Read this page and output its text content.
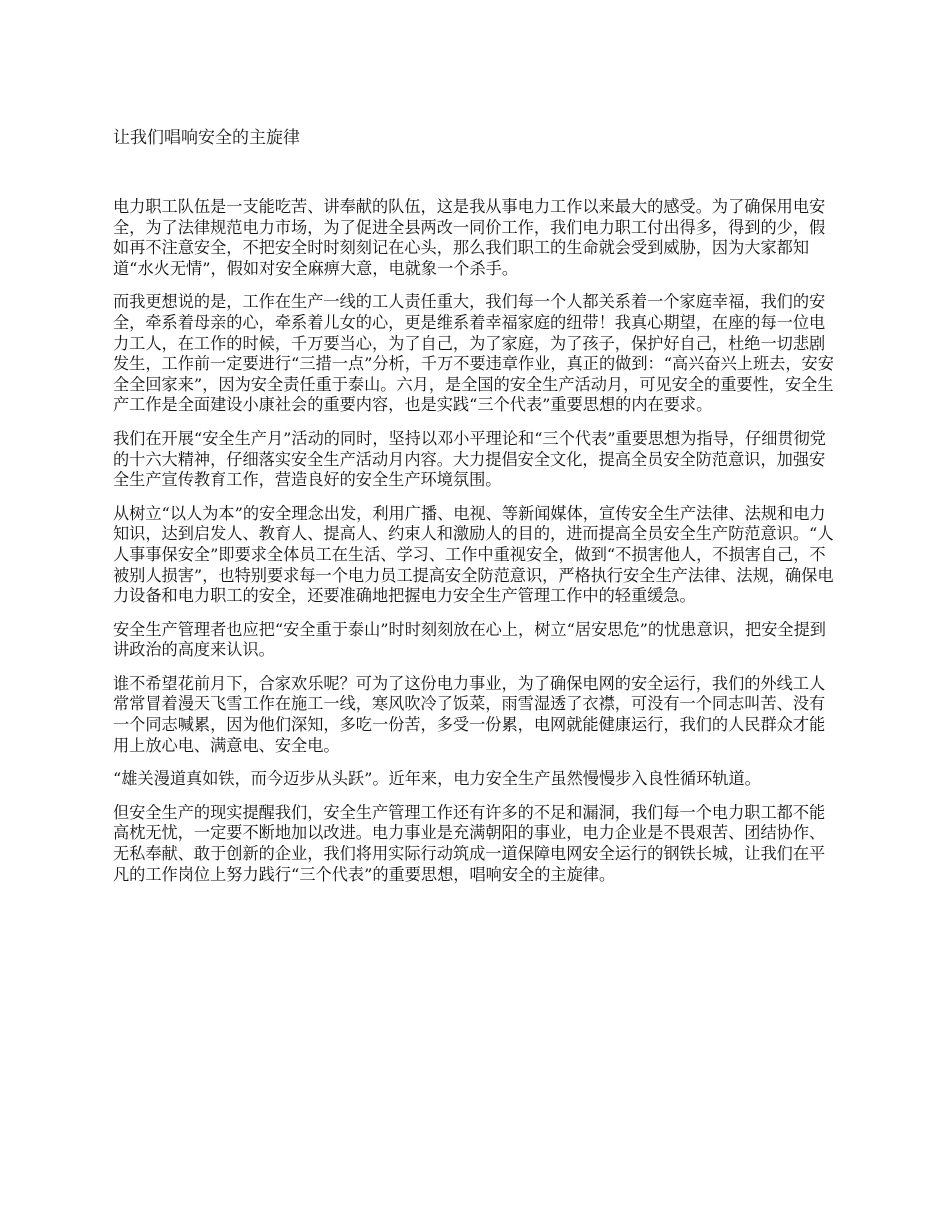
让我们唱响安全的主旋律

电力职工队伍是一支能吃苦、讲奉献的队伍，这是我从事电力工作以来最大的感受。为了确保用电安全，为了法律规范电力市场，为了促进全县两改一同价工作，我们电力职工付出得多，得到的少，假如再不注意安全，不把安全时时刻刻记在心头，那么我们职工的生命就会受到威胁，因为大家都知道“水火无情”，假如对安全麻痹大意，电就象一个杀手。

而我更想说的是，工作在生产一线的工人责任重大，我们每一个人都关系着一个家庭幸福，我们的安全，牵系着母亲的心，牵系着儿女的心，更是维系着幸福家庭的纽带！我真心期望，在座的每一位电力工人，在工作的时候，千万要当心，为了自己，为了家庭，为了孩子，保护好自己，杜绝一切悲剧发生，工作前一定要进行“三措一点”分析，千万不要违章作业，真正的做到：“高兴奋兴上班去，安安全全回家来”，因为安全责任重于泰山。六月，是全国的安全生产活动月，可见安全的重要性，安全生产工作是全面建设小康社会的重要内容，也是实践“三个代表”重要思想的内在要求。

我们在开展“安全生产月”活动的同时，坚持以邓小平理论和“三个代表”重要思想为指导，仔细贯彻党的十六大精神，仔细落实安全生产活动月内容。大力提倡安全文化，提高全员安全防范意识，加强安全生产宣传教育工作，营造良好的安全生产环境氛围。

从树立“以人为本”的安全理念出发，利用广播、电视、等新闻媒体，宣传安全生产法律、法规和电力知识，达到启发人、教育人、提高人、约束人和激励人的目的，进而提高全员安全生产防范意识。“人人事事保安全”即要求全体员工在生活、学习、工作中重视安全，做到“不损害他人，不损害自己，不被别人损害”，也特别要求每一个电力员工提高安全防范意识，严格执行安全生产法律、法规，确保电力设备和电力职工的安全，还要准确地把握电力安全生产管理工作中的轻重缓急。

安全生产管理者也应把“安全重于泰山”时时刻刻放在心上，树立“居安思危”的忧患意识，把安全提到讲政治的高度来认识。

谁不希望花前月下，合家欢乐呢？可为了这份电力事业，为了确保电网的安全运行，我们的外线工人常常冒着漫天飞雪工作在施工一线，寒风吹冷了饭菜，雨雪湿透了衣襟，可没有一个同志叫苦、没有一个同志喊累，因为他们深知，多吃一份苦，多受一份累，电网就能健康运行，我们的人民群众才能用上放心电、满意电、安全电。

“雄关漫道真如铁，而今迈步从头跃”。近年来，电力安全生产虽然慢慢步入良性循环轨道。

但安全生产的现实提醒我们，安全生产管理工作还有许多的不足和漏洞，我们每一个电力职工都不能高枕无忧，一定要不断地加以改进。电力事业是充满朝阳的事业，电力企业是不畏艰苦、团结协作、无私奉献、敢于创新的企业，我们将用实际行动筑成一道保障电网安全运行的钢铁长城，让我们在平凡的工作岗位上努力践行“三个代表”的重要思想，唱响安全的主旋律。
